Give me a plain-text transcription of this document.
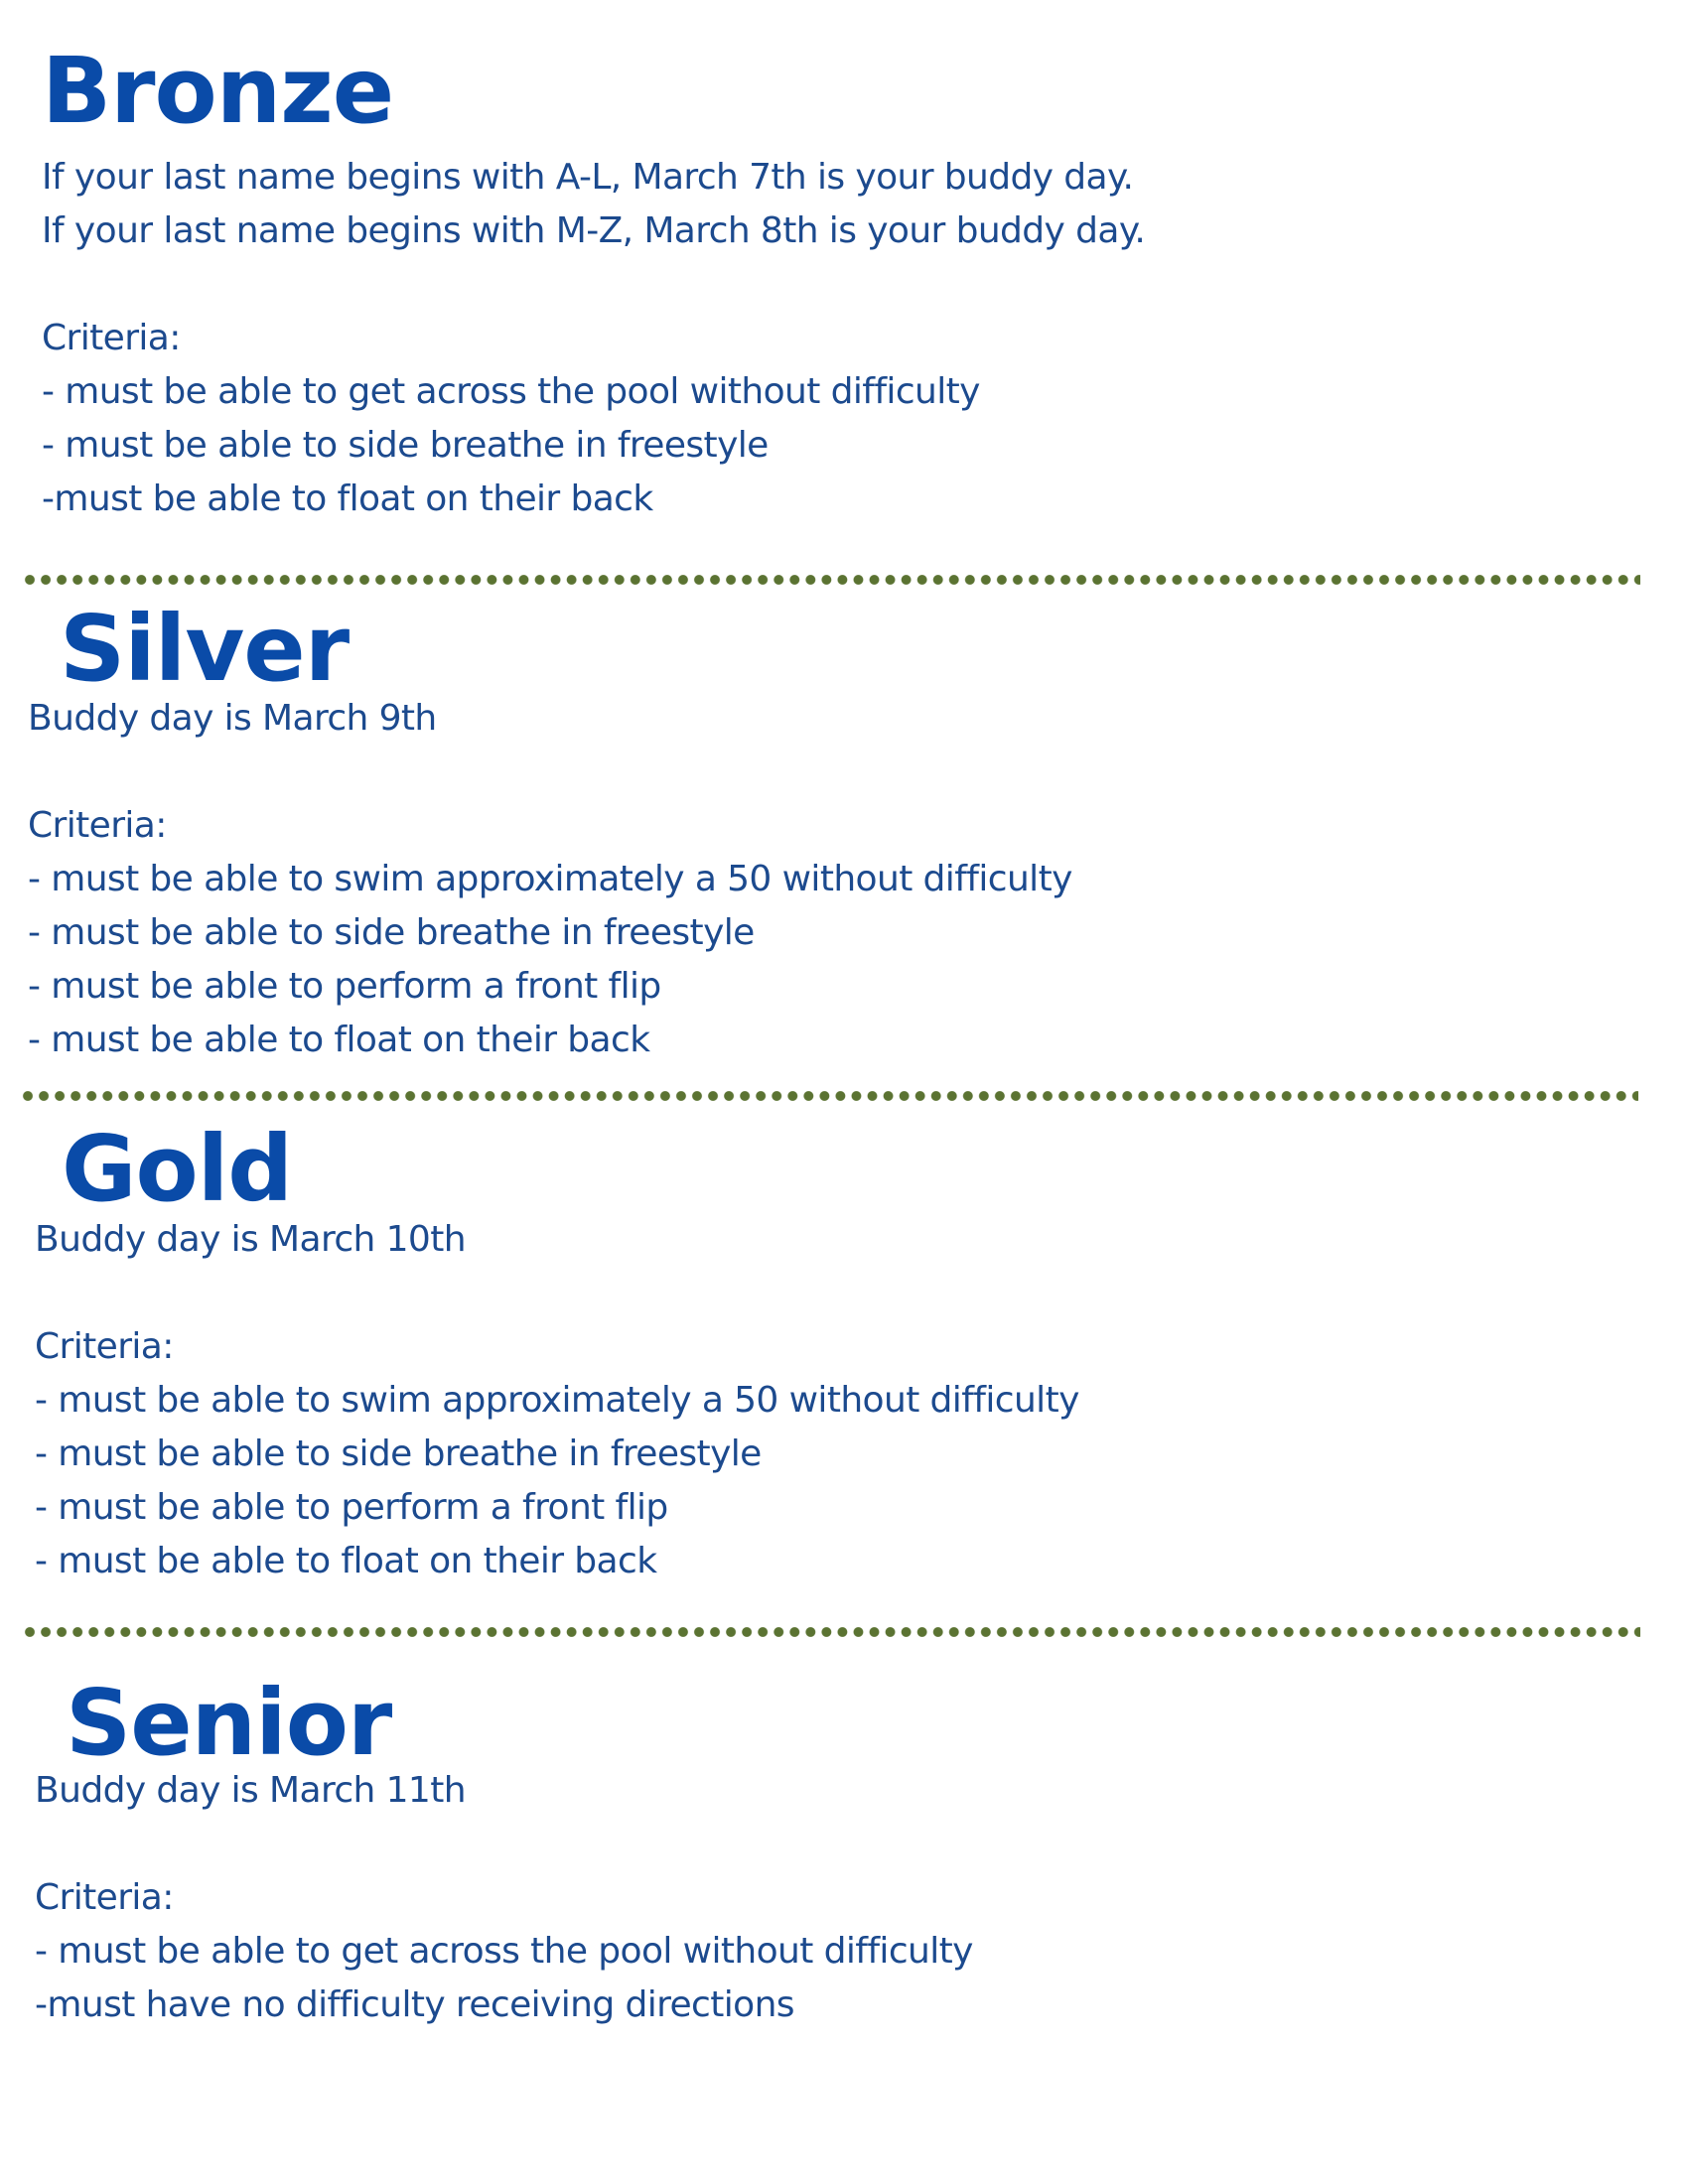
Bronze

If your last name begins with A-L, March 7th is your buddy day.

If your last name begins with M-Z, March 8th is your buddy day.

Criteria:

- must be able to get across the pool without difficulty

- must be able to side breathe in freestyle

-must be able to float on their back

Silver

Buddy day is March 9th

Criteria:

- must be able to swim approximately a 50 without difficulty

- must be able to side breathe in freestyle

- must be able to perform a front flip

- must be able to float on their back

Gold

Buddy day is March 10th

Criteria:

- must be able to swim approximately a 50 without difficulty

- must be able to side breathe in freestyle

- must be able to perform a front flip

- must be able to float on their back

Senior

Buddy day is March 11th

Criteria:

- must be able to get across the pool without difficulty

-must have no difficulty receiving directions
